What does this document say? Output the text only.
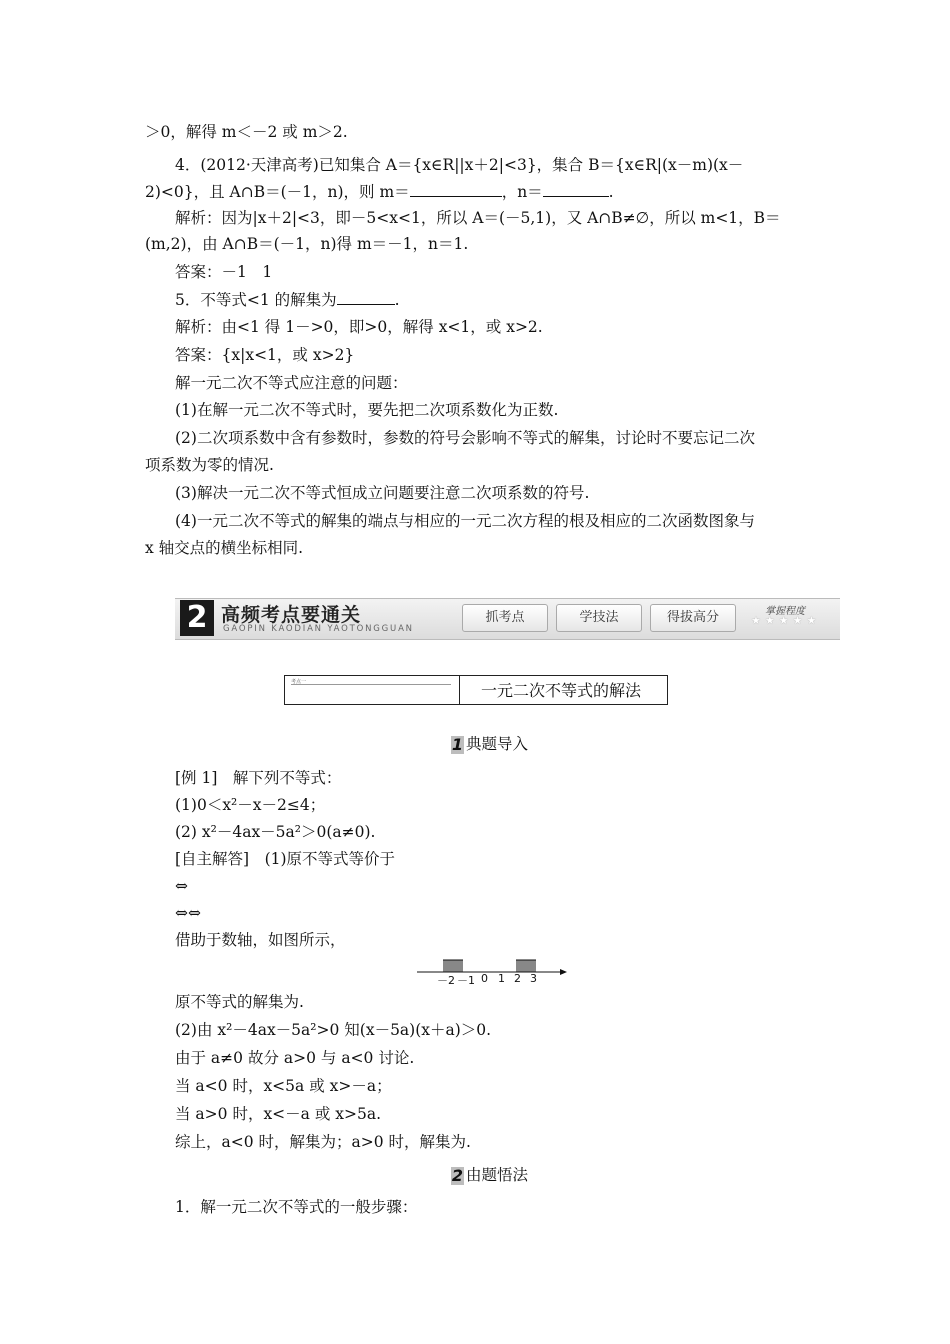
＞0，解得 m＜－2 或 m＞2.
4．(2012·天津高考)已知集合 A＝{x∈R||x＋2|<3}，集合 B＝{x∈R|(x－m)(x－
2)<0}，且 A∩B＝(－1，n)，则 m＝	，n＝	.
解析：因为|x＋2|<3，即－5<x<1，所以 A＝(－5,1)，又 A∩B≠∅，所以 m<1，B＝
(m,2)，由 A∩B＝(－1，n)得 m＝－1，n＝1.
答案：－1　1
5．不等式<1 的解集为	.
解析：由<1 得 1－>0，即>0，解得 x<1，或 x>2.
答案：{x|x<1，或 x>2}
解一元二次不等式应注意的问题：
(1)在解一元二次不等式时，要先把二次项系数化为正数.
(2)二次项系数中含有参数时，参数的符号会影响不等式的解集，讨论时不要忘记二次
项系数为零的情况.
(3)解决一元二次不等式恒成立问题要注意二次项系数的符号.
(4)一元二次不等式的解集的端点与相应的一元二次方程的根及相应的二次函数图象与
x 轴交点的横坐标相同.
2 高频考点要通关
GAOPIN KAODIAN YAOTONGGUAN
抓考点	学技法	得拔高分	掌握程度
★★★★★
考点一	一元二次不等式的解法
1 典题导入
[例 1]　解下列不等式：
(1)0＜x²－x－2≤4；
(2) x²－4ax－5a²＞0(a≠0).
[自主解答]　(1)原不等式等价于
⇔
⇔⇔
借助于数轴，如图所示，
－2 －1 0 1 2 3
原不等式的解集为.
(2)由 x²－4ax－5a²>0 知(x－5a)(x＋a)＞0.
由于 a≠0 故分 a>0 与 a<0 讨论.
当 a<0 时，x<5a 或 x>－a；
当 a>0 时，x<－a 或 x>5a.
综上，a<0 时，解集为；a>0 时，解集为.
2 由题悟法
1．解一元二次不等式的一般步骤：
